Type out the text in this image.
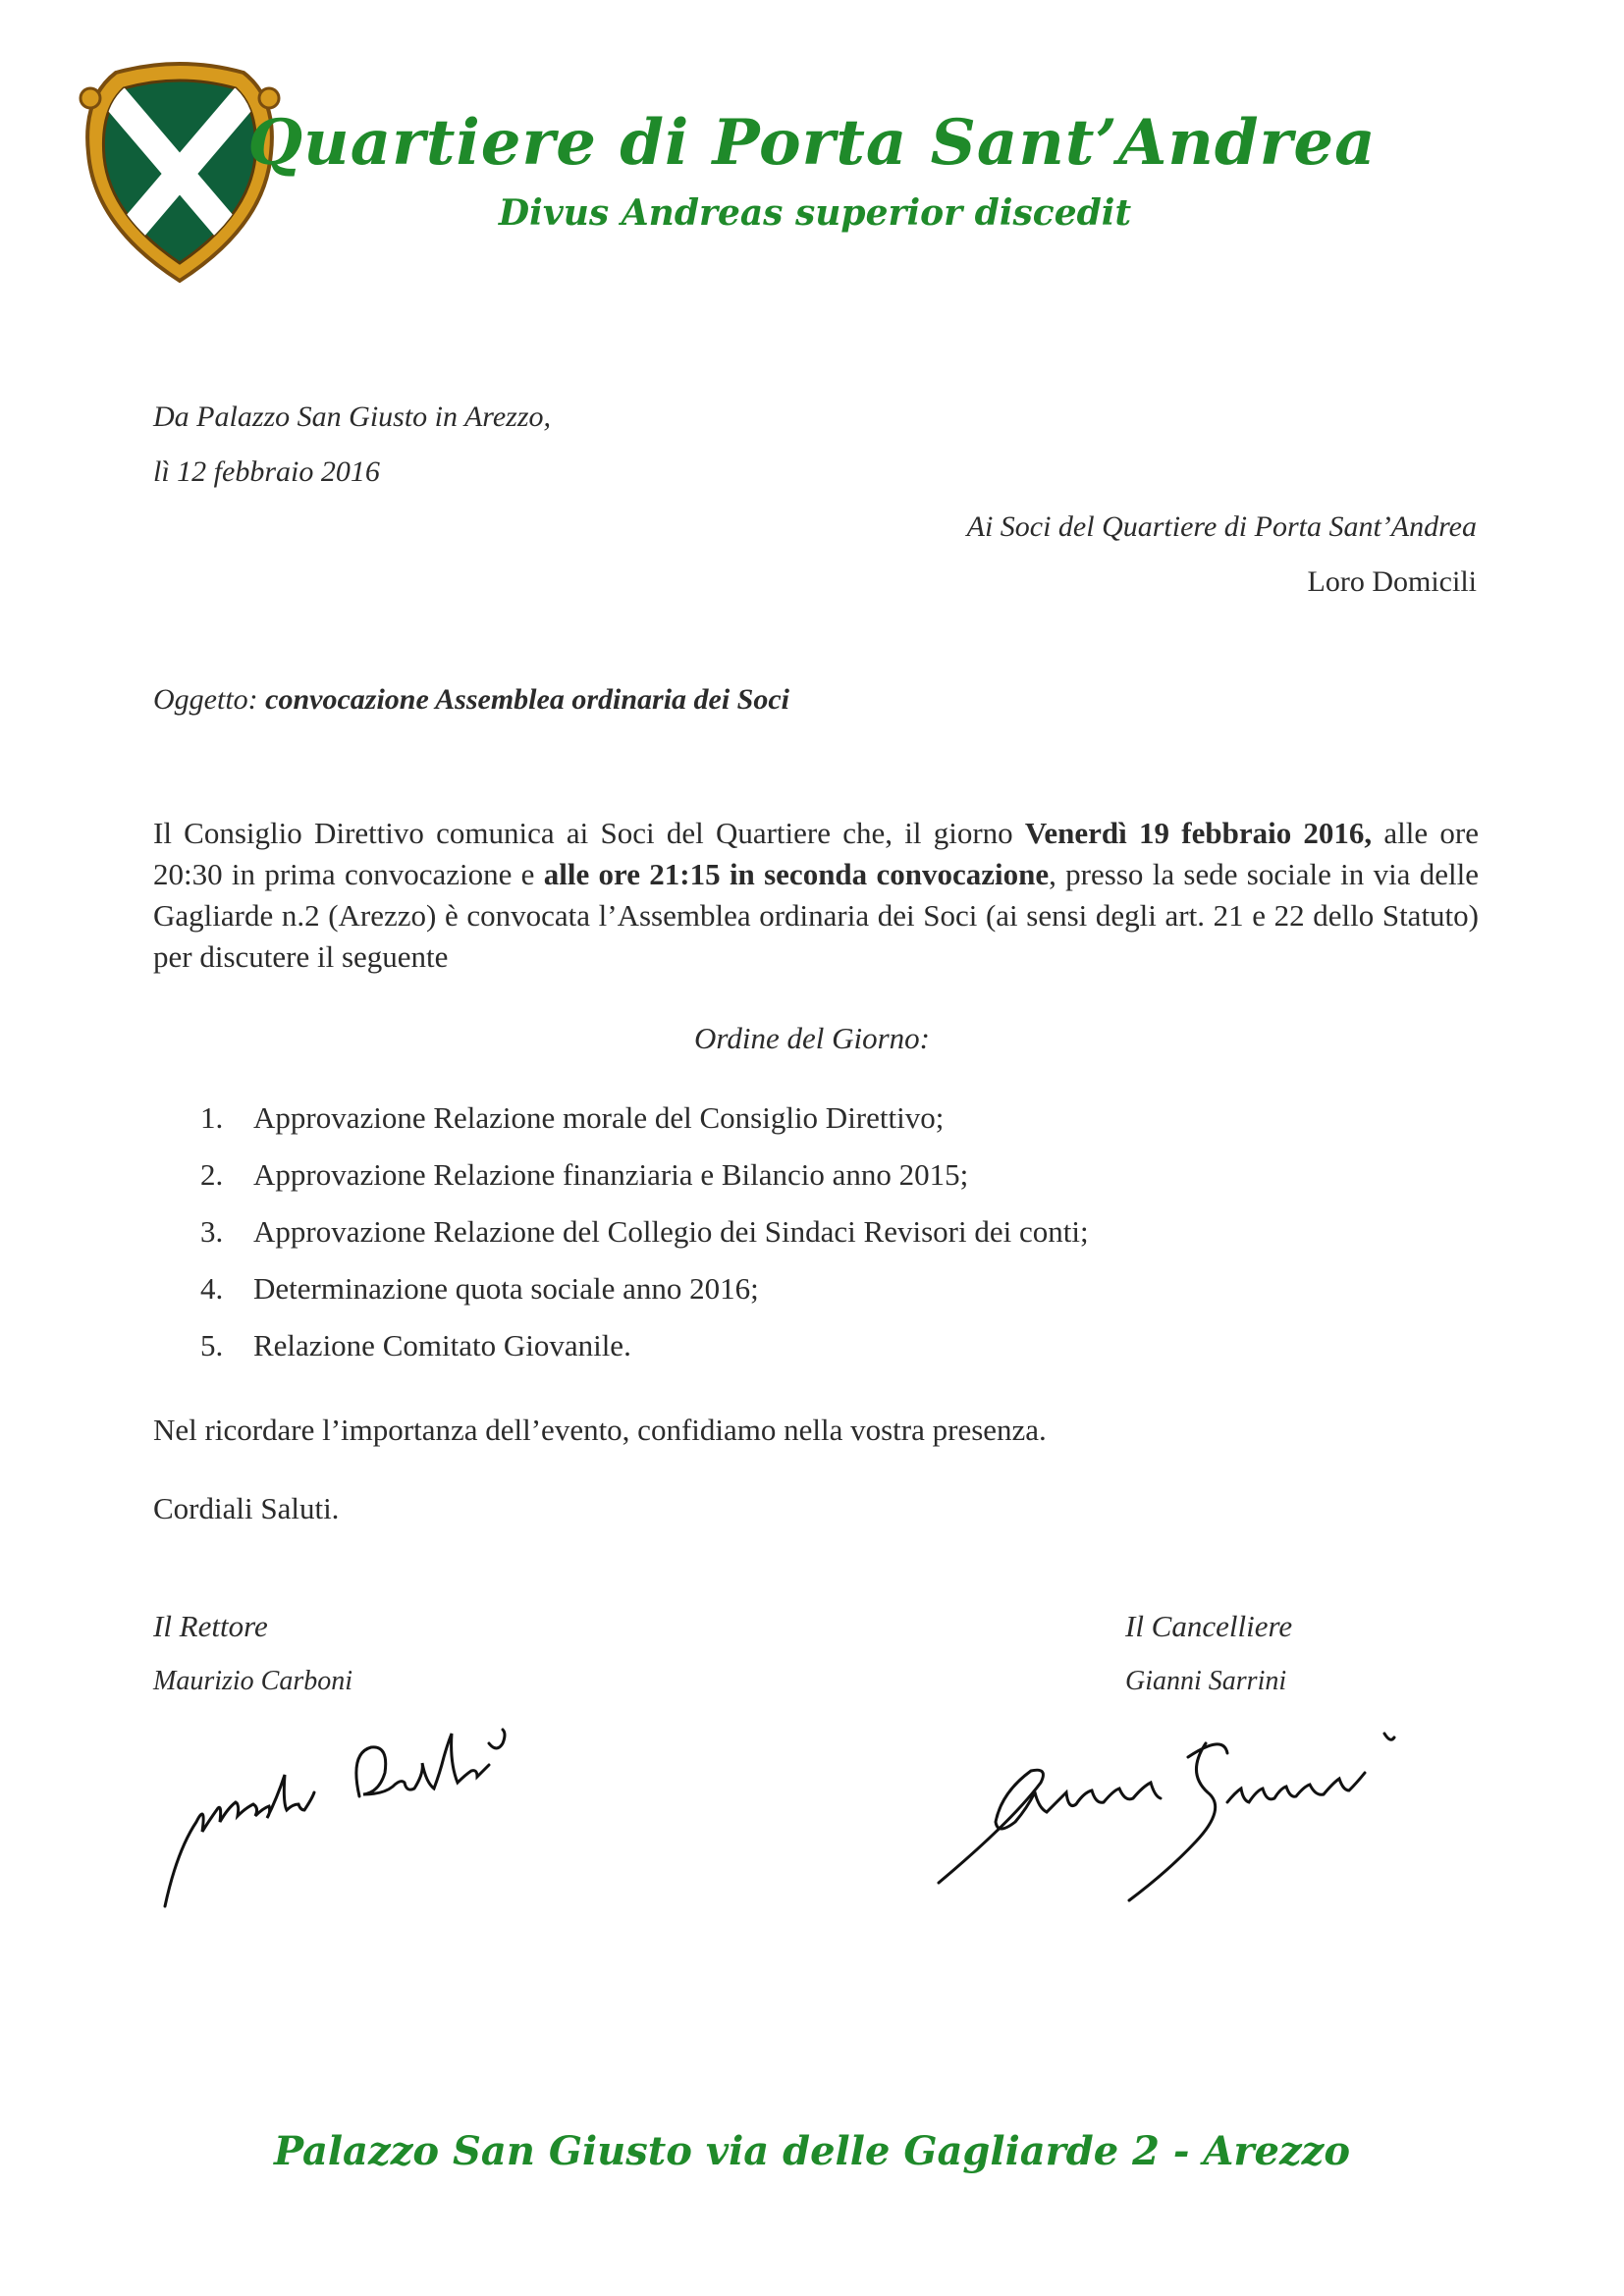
Quartiere di Porta Sant’Andrea
Divus Andreas superior discedit
Da Palazzo San Giusto in Arezzo,
lì 12 febbraio 2016
Ai Soci del Quartiere di Porta Sant’Andrea
Loro Domicili
Oggetto: convocazione Assemblea ordinaria dei Soci
Il Consiglio Direttivo comunica ai Soci del Quartiere che, il giorno Venerdì 19 febbraio 2016, alle ore 20:30 in prima convocazione e alle ore 21:15 in seconda convocazione, presso la sede sociale in via delle Gagliarde n.2 (Arezzo) è convocata l’Assemblea ordinaria dei Soci (ai sensi degli art. 21 e 22 dello Statuto) per discutere il seguente
Ordine del Giorno:
1. Approvazione Relazione morale del Consiglio Direttivo;
2. Approvazione Relazione finanziaria e Bilancio anno 2015;
3. Approvazione Relazione del Collegio dei Sindaci Revisori dei conti;
4. Determinazione quota sociale anno 2016;
5. Relazione Comitato Giovanile.
Nel ricordare l’importanza dell’evento, confidiamo nella vostra presenza.
Cordiali Saluti.
Il Rettore
Maurizio Carboni
Il Cancelliere
Gianni Sarrini
Palazzo San Giusto via delle Gagliarde 2 - Arezzo
